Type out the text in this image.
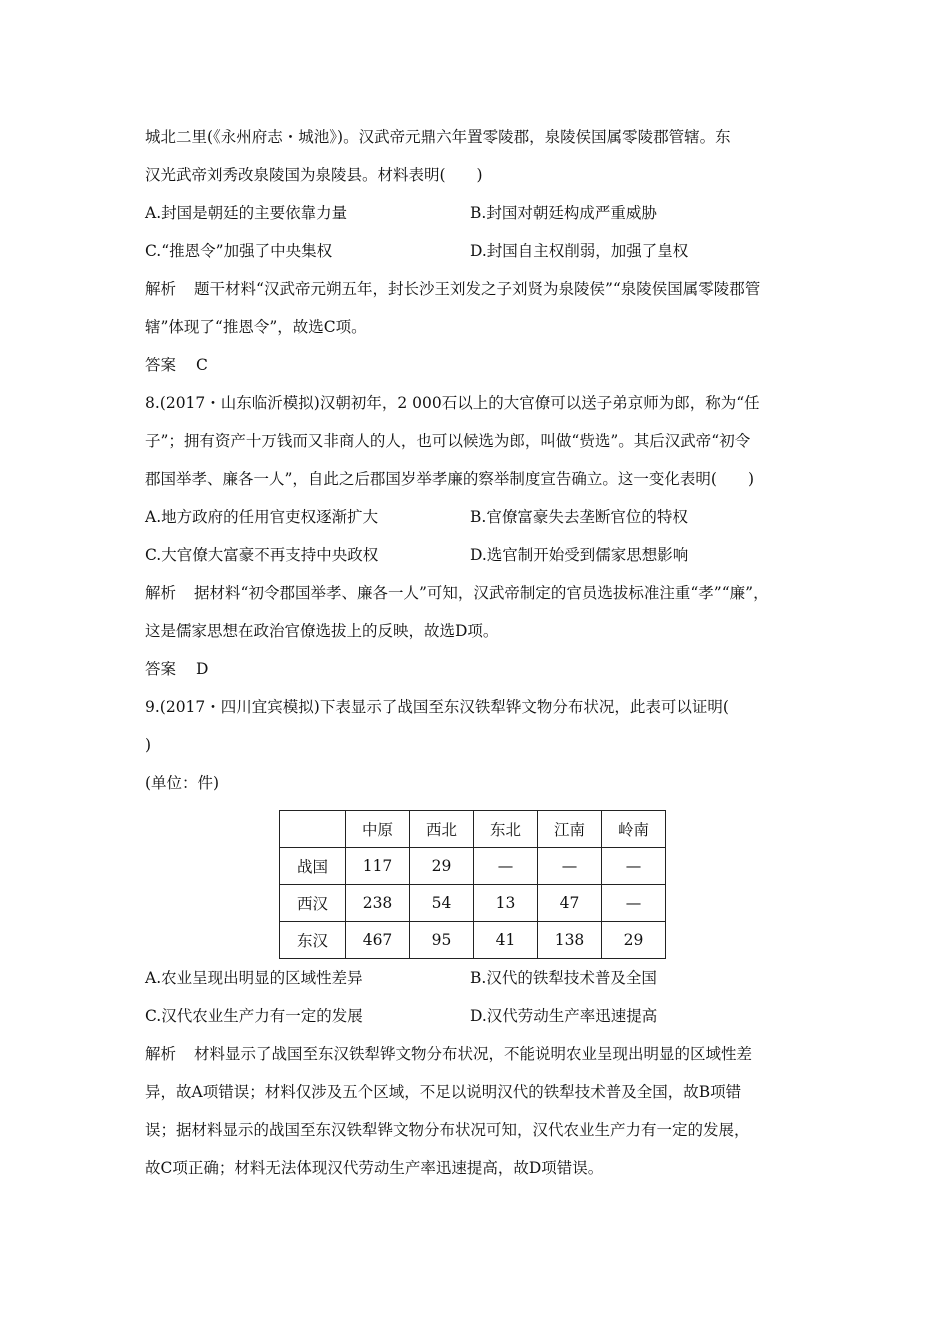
城北二里(《永州府志・城池》)。汉武帝元鼎六年置零陵郡，泉陵侯国属零陵郡管辖。东

汉光武帝刘秀改泉陵国为泉陵县。材料表明(　　)

A.封国是朝廷的主要依靠力量	B.封国对朝廷构成严重威胁
C.“推恩令”加强了中央集权	D.封国自主权削弱，加强了皇权

解析 题干材料“汉武帝元朔五年，封长沙王刘发之子刘贤为泉陵侯”“泉陵侯国属零陵郡管

辖”体现了“推恩令”，故选C项。

答案 C

8.(2017・山东临沂模拟)汉朝初年，2 000石以上的大官僚可以送子弟京师为郎，称为“任

子”；拥有资产十万钱而又非商人的人，也可以候选为郎，叫做“赀选”。其后汉武帝“初令

郡国举孝、廉各一人”，自此之后郡国岁举孝廉的察举制度宣告确立。这一变化表明(　　)

A.地方政府的任用官吏权逐渐扩大	B.官僚富豪失去垄断官位的特权
C.大官僚大富豪不再支持中央政权	D.选官制开始受到儒家思想影响

解析 据材料“初令郡国举孝、廉各一人”可知，汉武帝制定的官员选拔标准注重“孝”“廉”，

这是儒家思想在政治官僚选拔上的反映，故选D项。

答案 D

9.(2017・四川宜宾模拟)下表显示了战国至东汉铁犁铧文物分布状况，此表可以证明(

)

(单位：件)

	中原	西北	东北	江南	岭南
战国	117	29	—	—	—
西汉	238	54	13	47	—
东汉	467	95	41	138	29
A.农业呈现出明显的区域性差异	B.汉代的铁犁技术普及全国
C.汉代农业生产力有一定的发展	D.汉代劳动生产率迅速提高

解析 材料显示了战国至东汉铁犁铧文物分布状况，不能说明农业呈现出明显的区域性差

异，故A项错误；材料仅涉及五个区域，不足以说明汉代的铁犁技术普及全国，故B项错

误；据材料显示的战国至东汉铁犁铧文物分布状况可知，汉代农业生产力有一定的发展，

故C项正确；材料无法体现汉代劳动生产率迅速提高，故D项错误。
